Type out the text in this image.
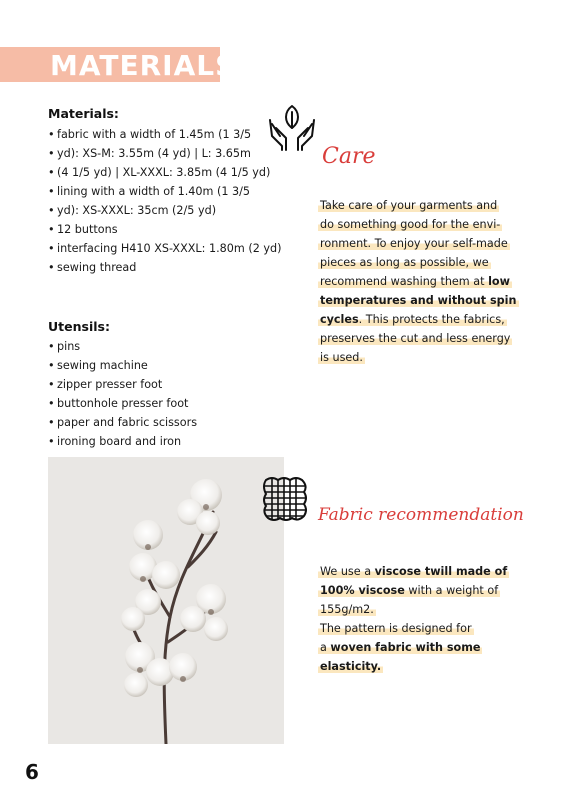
MATERIALS
Materials:
• fabric with a width of 1.45m (1 3/5
• yd): XS-M: 3.55m (4 yd) | L: 3.65m
• (4 1/5 yd) | XL-XXXL: 3.85m (4 1/5 yd)
• lining with a width of 1.40m (1 3/5
• yd): XS-XXXL: 35cm (2/5 yd)
• 12 buttons
• interfacing H410 XS-XXXL: 1.80m (2 yd)
• sewing thread
Utensils:
• pins
• sewing machine
• zipper presser foot
• buttonhole presser foot
• paper and fabric scissors
• ironing board and iron
Care
Take care of your garments and
do something good for the envi-
ronment. To enjoy your self-made
pieces as long as possible, we
recommend washing them at low
temperatures and without spin
cycles. This protects the fabrics,
preserves the cut and less energy
is used.
Fabric recommendation
We use a viscose twill made of
100% viscose with a weight of
155g/m2.
The pattern is designed for
a woven fabric with some
elasticity.
6
